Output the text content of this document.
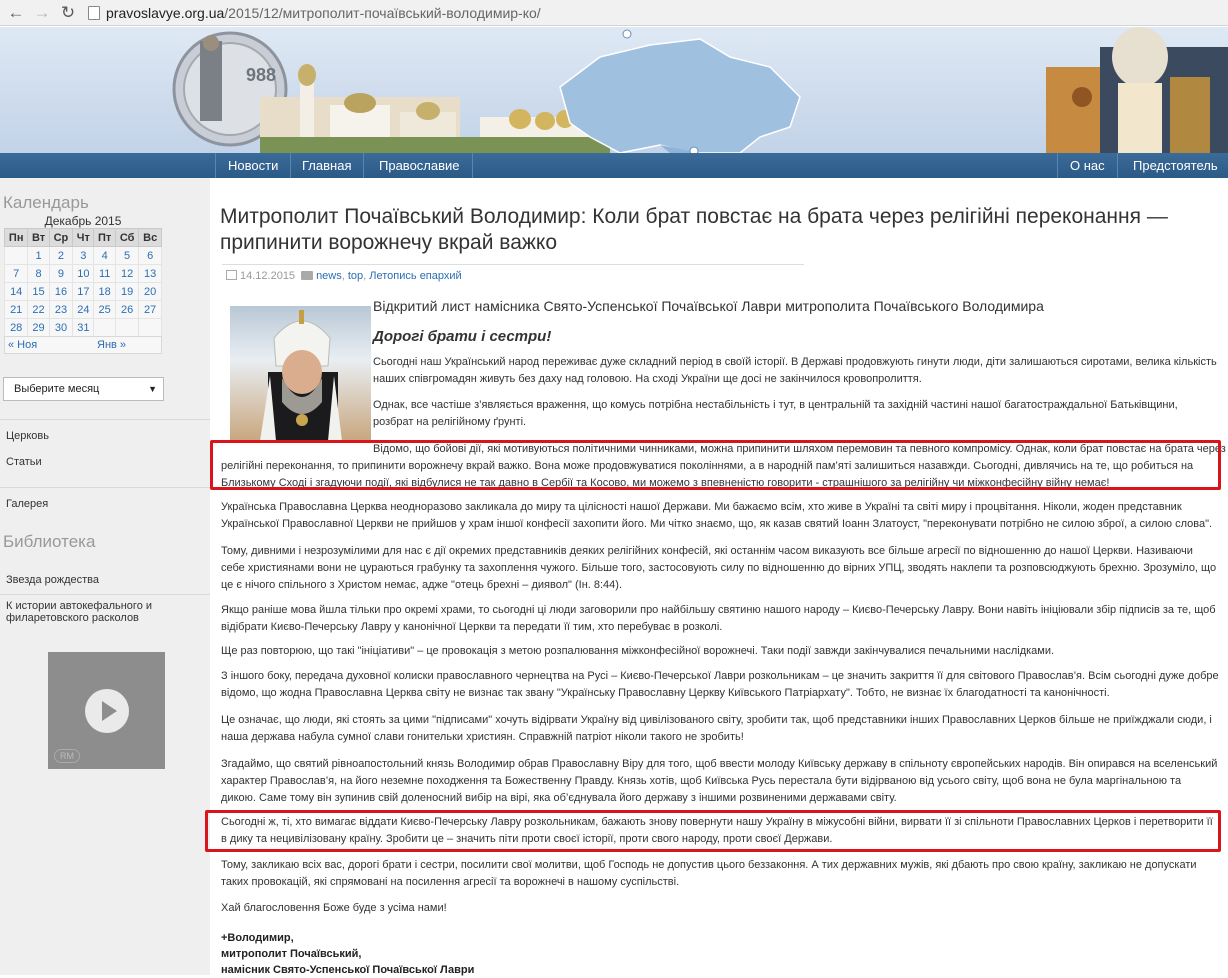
← → ↻	pravoslavye.org.ua/2015/12/митрополит-почаївський-володимир-ко/
988
Новости	Главная	Православие	О нас	Предстоятель
Календарь
Декабрь 2015
Пн	Вт	Ср	Чт	Пт	Сб	Вс
	1	2	3	4	5	6
7	8	9	10	11	12	13
14	15	16	17	18	19	20
21	22	23	24	25	26	27
28	29	30	31			
« Ноя	Янв »
Выберите месяц	▼
Церковь
Статьи
Галерея
Библиотека
Звезда рождества
К истории автокефального и
филаретовского расколов
RM
Митрополит Почаївський Володимир: Коли брат повстає на брата через релігійні переконання —
припинити ворожнечу вкрай важко
14.12.2015 news, top, Летопись епархий
Відкритий лист намісника Свято-Успенської Почаївської Лаври митрополита Почаївського Володимира
Дорогі брати і сестри!
Сьогодні наш Український народ переживає дуже складний період в своїй історії. В Державі продовжують гинути люди, діти залишаються сиротами, велика кількість наших співгромадян живуть без даху над головою. На сході України ще досі не закінчилося кровопролиття.
Однак, все частіше з’являється враження, що комусь потрібна нестабільність і тут, в центральній та західній частині нашої багатостраждальної Батьківщини, розбрат на релігійному ґрунті.
Відомо, що бойові дії, які мотивуються політичними чинниками, можна припинити шляхом перемовин та певного компромісу. Однак, коли брат повстає на брата через
релігійні переконання, то припинити ворожнечу вкрай важко. Вона може продовжуватися поколіннями, а в народній пам’яті залишиться назавжди. Сьогодні, дивлячись на те, що робиться на Близькому Сході і згадуючи події, які відбулися не так давно в Сербії та Косово, ми можемо з впевненістю говорити - страшнішого за релігійну чи міжконфесійну війну немає!
Українська Православна Церква неодноразово закликала до миру та цілісності нашої Держави. Ми бажаємо всім, хто живе в Україні та світі миру і процвітання. Ніколи, жоден представник Української Православної Церкви не прийшов у храм іншої конфесії захопити його. Ми чітко знаємо, що, як казав святий Іоанн Златоуст, "переконувати потрібно не силою зброї, а силою слова".
Тому, дивними і незрозумілими для нас є дії окремих представників деяких релігійних конфесій, які останнім часом виказують все більше агресії по відношенню до нашої Церкви. Називаючи себе християнами вони не цураються грабунку та захоплення чужого. Більше того, застосовують силу по відношенню до вірних УПЦ, зводять наклепи та розповсюджують брехню. Зрозуміло, що це є нічого спільного з Христом немає, адже "отець брехні – диявол" (Ін. 8:44).
Якщо раніше мова йшла тільки про окремі храми, то сьогодні ці люди заговорили про найбільшу святиню нашого народу – Києво-Печерську Лавру. Вони навіть ініціювали збір підписів за те, щоб відібрати Києво-Печерську Лавру у канонічної Церкви та передати її тим, хто перебуває в розколі.
Ще раз повторюю, що такі "ініціативи" – це провокація з метою розпалювання міжконфесійної ворожнечі. Таки події завжди закінчувалися печальними наслідками.
З іншого боку, передача духовної колиски православного чернецтва на Русі – Києво-Печерської Лаври розкольникам – це значить закриття її для світового Православ’я. Всім сьогодні дуже добре відомо, що жодна Православна Церква світу не визнає так звану "Українську Православну Церкву Київського Патріархату". Тобто, не визнає їх благодатності та канонічності.
Це означає, що люди, які стоять за цими "підписами" хочуть відірвати Україну від цивілізованого світу, зробити так, щоб представники інших Православних Церков більше не приїжджали сюди, і наша держава набула сумної слави гонительки християн. Справжній патріот ніколи такого не зробить!
Згадаймо, що святий рівноапостольний князь Володимир обрав Православну Віру для того, щоб ввести молоду Київську державу в спільноту європейських народів. Він опирався на вселенський характер Православ’я, на його неземне походження та Божественну Правду. Князь хотів, щоб Київська Русь перестала бути відірваною від усього світу, щоб вона не була маргінальною та дикою. Саме тому він зупинив свій доленосний вибір на вірі, яка об’єднувала його державу з іншими розвиненими державами світу.
Сьогодні ж, ті, хто вимагає віддати Києво-Печерську Лавру розкольникам, бажають знову повернути нашу Україну в міжусобні війни, вирвати її зі спільноти Православних Церков і перетворити її в дику та нецивілізовану країну. Зробити це – значить піти проти своєї історії, проти свого народу, проти своєї Держави.
Тому, закликаю всіх вас, дорогі брати і сестри, посилити свої молитви, щоб Господь не допустив цього беззаконня. А тих державних мужів, які дбають про свою країну, закликаю не допускати таких провокацій, які спрямовані на посилення агресії та ворожнечі в нашому суспільстві.
Хай благословення Боже буде з усіма нами!
+Володимир,
митрополит Почаївський,
намісник Свято-Успенської Почаївської Лаври
